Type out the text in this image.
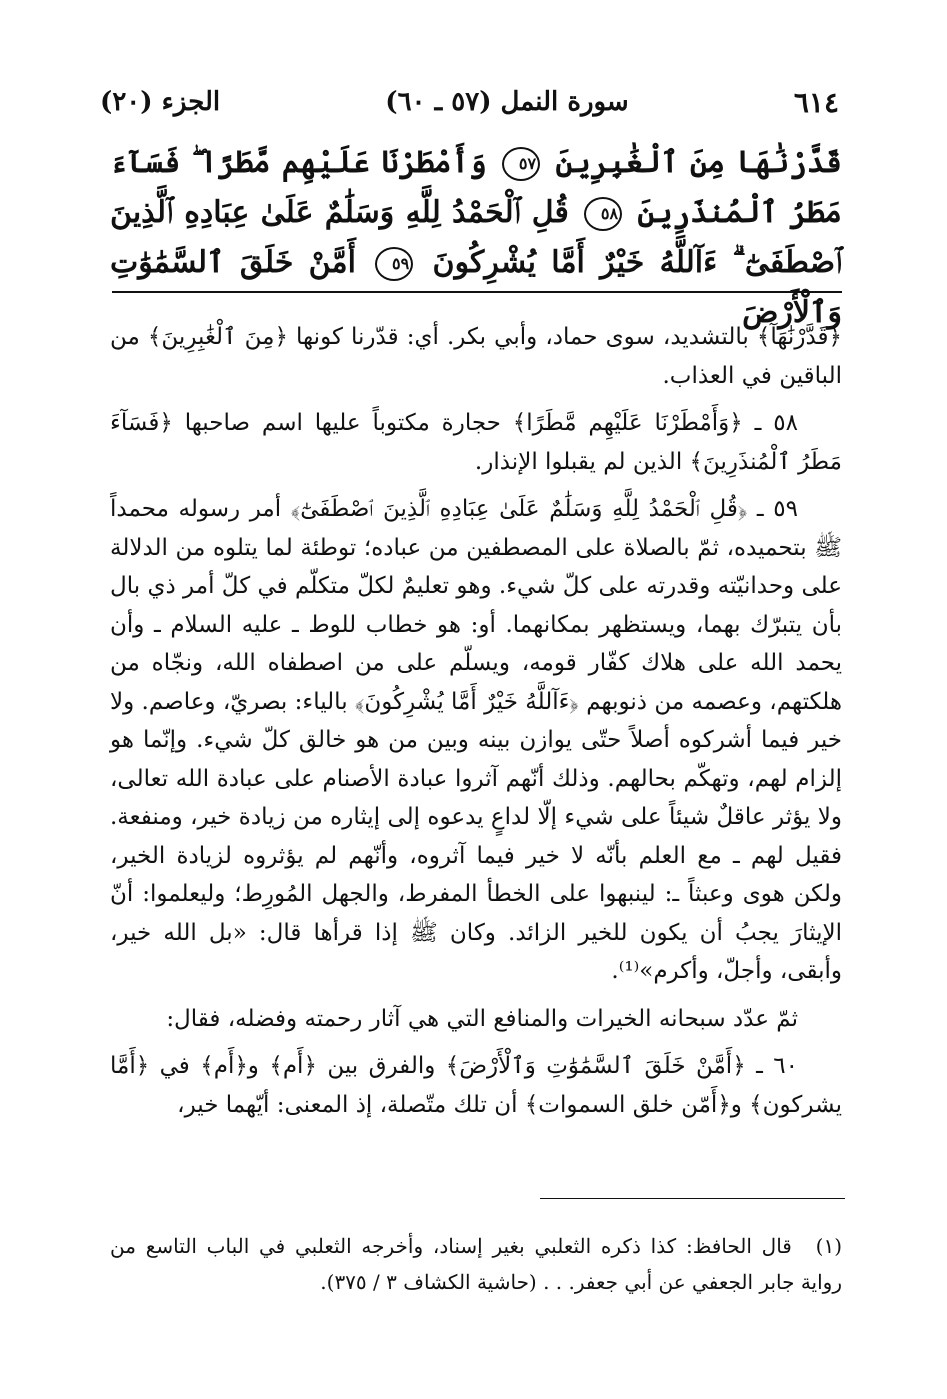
٦١٤
سورة النمل (٥٧ ـ ٦٠)
الجزء (٢٠)
قَدَّرْنَٰهَا مِنَ ٱلْغَٰبِرِينَ ٥٧ وَأَمْطَرْنَا عَلَيْهِم مَّطَرًا ۖ فَسَآءَ مَطَرُ ٱلْمُنذَرِينَ ٥٨ قُلِ ٱلْحَمْدُ لِلَّهِ وَسَلَٰمٌ عَلَىٰ عِبَادِهِ ٱلَّذِينَ ٱصْطَفَىٰٓ ۗ ءَآللَّهُ خَيْرٌ أَمَّا يُشْرِكُونَ ٥٩ أَمَّنْ خَلَقَ ٱلسَّمَٰوَٰتِ وَٱلْأَرْضَ

﴿قَدَّرْنَٰهَآ﴾ بالتشديد، سوى حماد، وأبي بكر. أي: قدّرنا كونها ﴿مِنَ ٱلْغَٰبِرِينَ﴾ من الباقين في العذاب.

٥٨ ـ ﴿وَأَمْطَرْنَا عَلَيْهِم مَّطَرًا﴾ حجارة مكتوباً عليها اسم صاحبها ﴿فَسَآءَ مَطَرُ ٱلْمُنذَرِينَ﴾ الذين لم يقبلوا الإنذار.

٥٩ ـ ﴿قُلِ ٱلْحَمْدُ لِلَّهِ وَسَلَٰمٌ عَلَىٰ عِبَادِهِ ٱلَّذِينَ ٱصْطَفَىٰٓ﴾ أمر رسوله محمداً ﷺ بتحميده، ثمّ بالصلاة على المصطفين من عباده؛ توطئة لما يتلوه من الدلالة على وحدانيّته وقدرته على كلّ شيء. وهو تعليمٌ لكلّ متكلّم في كلّ أمر ذي بال بأن يتبرّك بهما، ويستظهر بمكانهما. أو: هو خطاب للوط ـ عليه السلام ـ وأن يحمد الله على هلاك كفّار قومه، ويسلّم على من اصطفاه الله، ونجّاه من هلكتهم، وعصمه من ذنوبهم ﴿ءَآللَّهُ خَيْرٌ أَمَّا يُشْرِكُونَ﴾ بالياء: بصريّ، وعاصم. ولا خير فيما أشركوه أصلاً حتّى يوازن بينه وبين من هو خالق كلّ شيء. وإنّما هو إلزام لهم، وتهكّم بحالهم. وذلك أنّهم آثروا عبادة الأصنام على عبادة الله تعالى، ولا يؤثر عاقلٌ شيئاً على شيء إلّا لداعٍ يدعوه إلى إيثاره من زيادة خير، ومنفعة. فقيل لهم ـ مع العلم بأنّه لا خير فيما آثروه، وأنّهم لم يؤثروه لزيادة الخير، ولكن هوى وعبثاً ـ: لينبهوا على الخطأ المفرط، والجهل المُورِط؛ وليعلموا: أنّ الإيثارَ يجبُ أن يكون للخير الزائد. وكان ﷺ إذا قرأها قال: «بل الله خير، وأبقى، وأجلّ، وأكرم»⁽¹⁾.

ثمّ عدّد سبحانه الخيرات والمنافع التي هي آثار رحمته وفضله، فقال:

٦٠ ـ ﴿أَمَّنْ خَلَقَ ٱلسَّمَٰوَٰتِ وَٱلْأَرْضَ﴾ والفرق بين ﴿أَم﴾ و﴿أَم﴾ في ﴿أَمَّا يشركون﴾ و﴿أَمّن خلق السموات﴾ أن تلك متّصلة، إذ المعنى: أيّهما خير،

(١) قال الحافظ: كذا ذكره الثعلبي بغير إسناد، وأخرجه الثعلبي في الباب التاسع من رواية جابر الجعفي عن أبي جعفر. . . (حاشية الكشاف ٣ / ٣٧٥).
